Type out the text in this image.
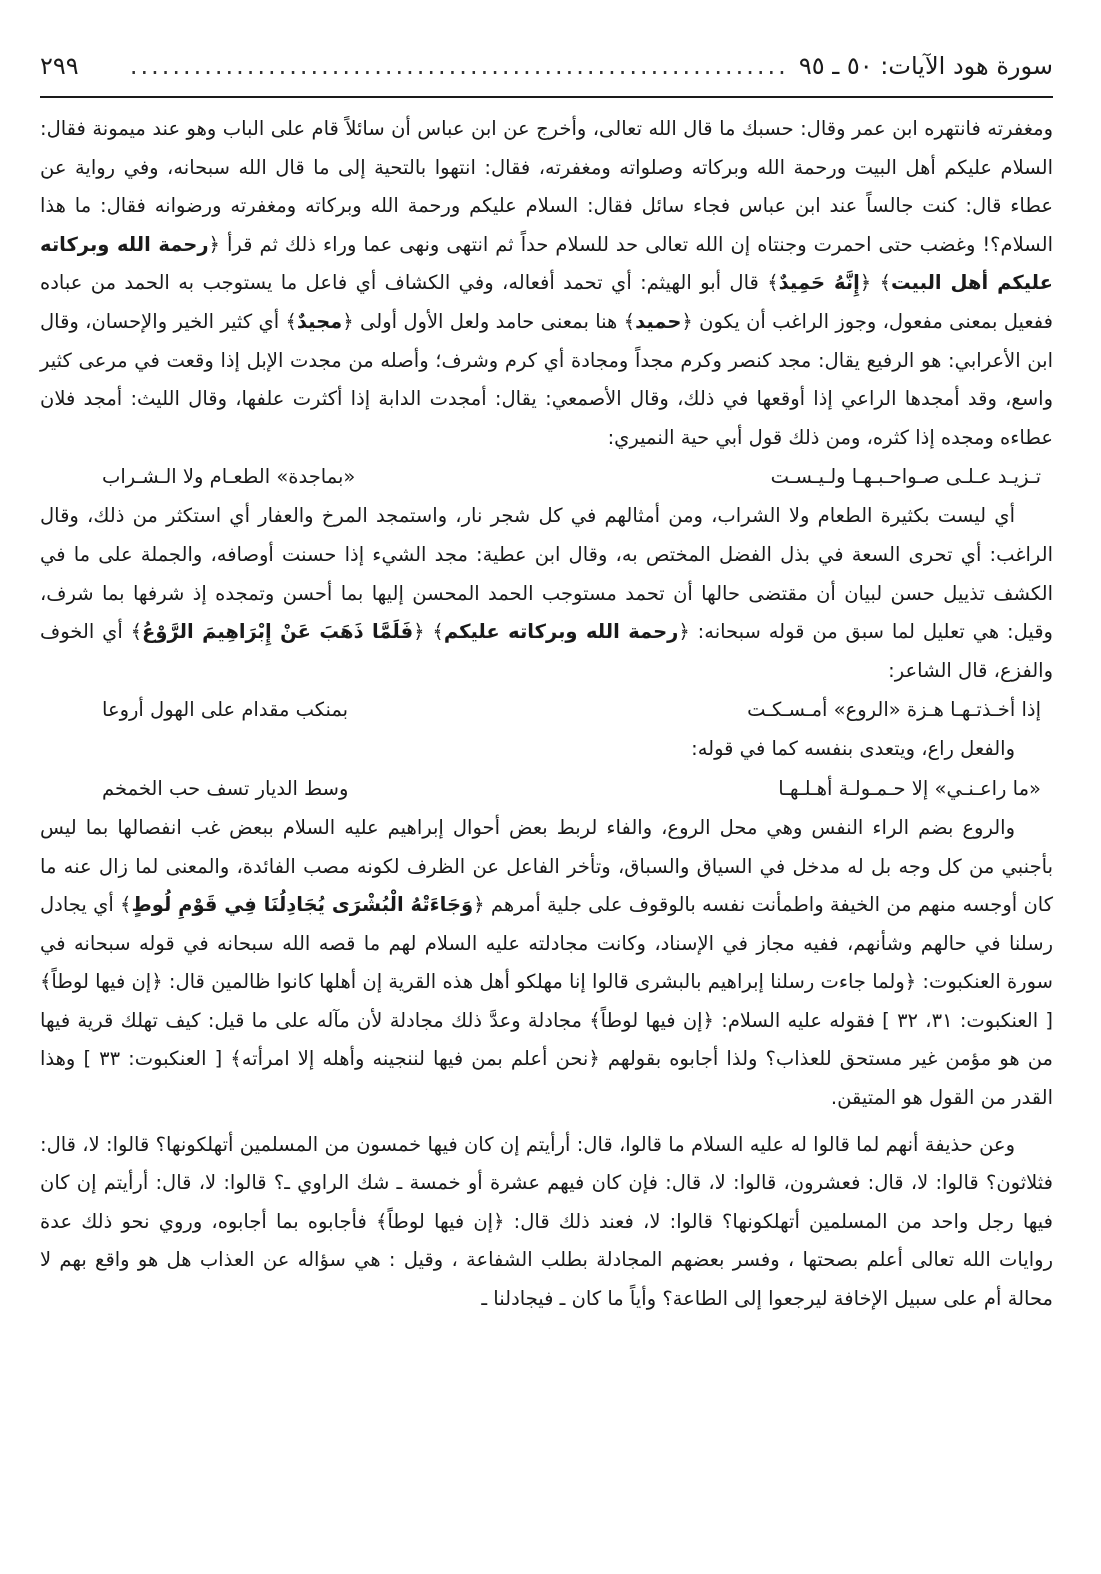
سورة هود الآيات: ٥٠ ـ ٩٥
..............................................................
٢٩٩

ومغفرته فانتهره ابن عمر وقال: حسبك ما قال الله تعالى، وأخرج عن ابن عباس أن سائلاً قام على الباب وهو عند ميمونة فقال: السلام عليكم أهل البيت ورحمة الله وبركاته وصلواته ومغفرته، فقال: انتهوا بالتحية إلى ما قال الله سبحانه، وفي رواية عن عطاء قال: كنت جالساً عند ابن عباس فجاء سائل فقال: السلام عليكم ورحمة الله وبركاته ومغفرته ورضوانه فقال: ما هذا السلام؟! وغضب حتى احمرت وجنتاه إن الله تعالى حد للسلام حداً ثم انتهى ونهى عما وراء ذلك ثم قرأ ﴿رحمة الله وبركاته عليكم أهل البيت﴾ ﴿إِنَّهُ حَمِيدٌ﴾ قال أبو الهيثم: أي تحمد أفعاله، وفي الكشاف أي فاعل ما يستوجب به الحمد من عباده ففعيل بمعنى مفعول، وجوز الراغب أن يكون ﴿حميد﴾ هنا بمعنى حامد ولعل الأول أولى ﴿مجيدٌ﴾ أي كثير الخير والإحسان، وقال ابن الأعرابي: هو الرفيع يقال: مجد كنصر وكرم مجداً ومجادة أي كرم وشرف؛ وأصله من مجدت الإبل إذا وقعت في مرعى كثير واسع، وقد أمجدها الراعي إذا أوقعها في ذلك، وقال الأصمعي: يقال: أمجدت الدابة إذا أكثرت علفها، وقال الليث: أمجد فلان عطاءه ومجده إذا كثره، ومن ذلك قول أبي حية النميري:

تـزيـد عـلـى صـواحـبـهـا ولـيـسـت
«بماجدة» الطعـام ولا الـشـراب

أي ليست بكثيرة الطعام ولا الشراب، ومن أمثالهم في كل شجر نار، واستمجد المرخ والعفار أي استكثر من ذلك، وقال الراغب: أي تحرى السعة في بذل الفضل المختص به، وقال ابن عطية: مجد الشيء إذا حسنت أوصافه، والجملة على ما في الكشف تذييل حسن لبيان أن مقتضى حالها أن تحمد مستوجب الحمد المحسن إليها بما أحسن وتمجده إذ شرفها بما شرف، وقيل: هي تعليل لما سبق من قوله سبحانه: ﴿رحمة الله وبركاته عليكم﴾ ﴿فَلَمَّا ذَهَبَ عَنْ إِبْرَاهِيمَ الرَّوْعُ﴾ أي الخوف والفزع، قال الشاعر:

إذا أخـذتـهـا هـزة «الروع» أمـسـكـت
بمنكب مقدام على الهول أروعا

والفعل راع، ويتعدى بنفسه كما في قوله:

«ما راعـنـي» إلا حـمـولـة أهـلـهـا
وسط الديار تسف حب الخمخم

والروع بضم الراء النفس وهي محل الروع، والفاء لربط بعض أحوال إبراهيم عليه السلام ببعض غب انفصالها بما ليس بأجنبي من كل وجه بل له مدخل في السياق والسباق، وتأخر الفاعل عن الظرف لكونه مصب الفائدة، والمعنى لما زال عنه ما كان أوجسه منهم من الخيفة واطمأنت نفسه بالوقوف على جلية أمرهم ﴿وَجَاءَتْهُ الْبُشْرَى يُجَادِلُنَا فِي قَوْمِ لُوطٍ﴾ أي يجادل رسلنا في حالهم وشأنهم، ففيه مجاز في الإسناد، وكانت مجادلته عليه السلام لهم ما قصه الله سبحانه في قوله سبحانه في سورة العنكبوت: ﴿ولما جاءت رسلنا إبراهيم بالبشرى قالوا إنا مهلكو أهل هذه القرية إن أهلها كانوا ظالمين قال: ﴿إن فيها لوطاً﴾ [ العنكبوت: ٣١، ٣٢ ] فقوله عليه السلام: ﴿إن فيها لوطاً﴾ مجادلة وعدَّ ذلك مجادلة لأن مآله على ما قيل: كيف تهلك قرية فيها من هو مؤمن غير مستحق للعذاب؟ ولذا أجابوه بقولهم ﴿نحن أعلم بمن فيها لننجينه وأهله إلا امرأته﴾ [ العنكبوت: ٣٣ ] وهذا القدر من القول هو المتيقن.

وعن حذيفة أنهم لما قالوا له عليه السلام ما قالوا، قال: أرأيتم إن كان فيها خمسون من المسلمين أتهلكونها؟ قالوا: لا، قال: فثلاثون؟ قالوا: لا، قال: فعشرون، قالوا: لا، قال: فإن كان فيهم عشرة أو خمسة ـ شك الراوي ـ؟ قالوا: لا، قال: أرأيتم إن كان فيها رجل واحد من المسلمين أتهلكونها؟ قالوا: لا، فعند ذلك قال: ﴿إن فيها لوطاً﴾ فأجابوه بما أجابوه، وروي نحو ذلك عدة روايات الله تعالى أعلم بصحتها ، وفسر بعضهم المجادلة بطلب الشفاعة ، وقيل : هي سؤاله عن العذاب هل هو واقع بهم لا محالة أم على سبيل الإخافة ليرجعوا إلى الطاعة؟ وأياً ما كان ـ فيجادلنا ـ
